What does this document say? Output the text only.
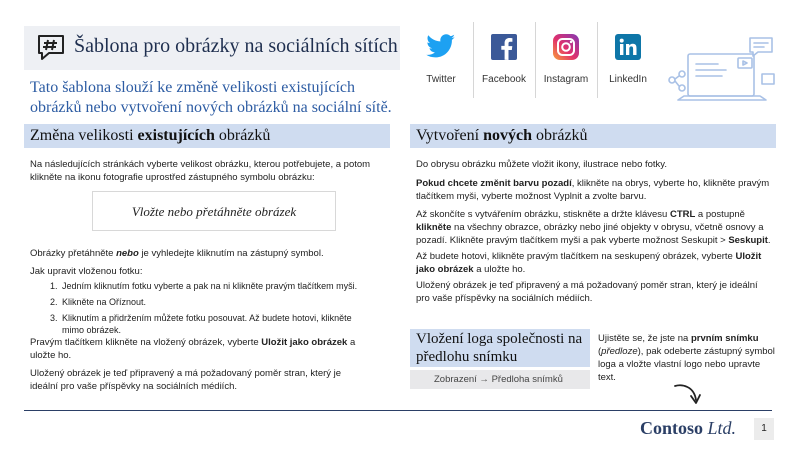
Šablona pro obrázky na sociálních sítích
Tato šablona slouží ke změně velikosti existujících obrázků nebo vytvoření nových obrázků na sociální sítě.
Twitter	Facebook	Instagram	LinkedIn
Změna velikosti existujících obrázků
Na následujících stránkách vyberte velikost obrázku, kterou potřebujete, a potom klikněte na ikonu fotografie uprostřed zástupného symbolu obrázku:
Vložte nebo přetáhněte obrázek
Obrázky přetáhněte nebo je vyhledejte kliknutím na zástupný symbol.
Jak upravit vloženou fotku:
1. Jedním kliknutím fotku vyberte a pak na ni klikněte pravým tlačítkem myši.
2. Klikněte na Oříznout.
3. Kliknutím a přidržením můžete fotku posouvat. Až budete hotovi, klikněte mimo obrázek.
Pravým tlačítkem klikněte na vložený obrázek, vyberte Uložit jako obrázek a uložte ho.
Uložený obrázek je teď připravený a má požadovaný poměr stran, který je ideální pro vaše příspěvky na sociálních médiích.
Vytvoření nových obrázků
Do obrysu obrázku můžete vložit ikony, ilustrace nebo fotky.
Pokud chcete změnit barvu pozadí, klikněte na obrys, vyberte ho, klikněte pravým tlačítkem myši, vyberte možnost Vyplnit a zvolte barvu.
Až skončíte s vytvářením obrázku, stiskněte a držte klávesu CTRL a postupně klikněte na všechny obrazce, obrázky nebo jiné objekty v obrysu, včetně osnovy a pozadí. Klikněte pravým tlačítkem myši a pak vyberte možnost Seskupit > Seskupit.
Až budete hotovi, klikněte pravým tlačítkem na seskupený obrázek, vyberte Uložit jako obrázek a uložte ho.
Uložený obrázek je teď připravený a má požadovaný poměr stran, který je ideální pro vaše příspěvky na sociálních médiích.
Vložení loga společnosti na předlohu snímku
Zobrazení → Předloha snímků
Ujistěte se, že jste na prvním snímku (předloze), pak odeberte zástupný symbol loga a vložte vlastní logo nebo upravte text.
Contoso Ltd.	1
